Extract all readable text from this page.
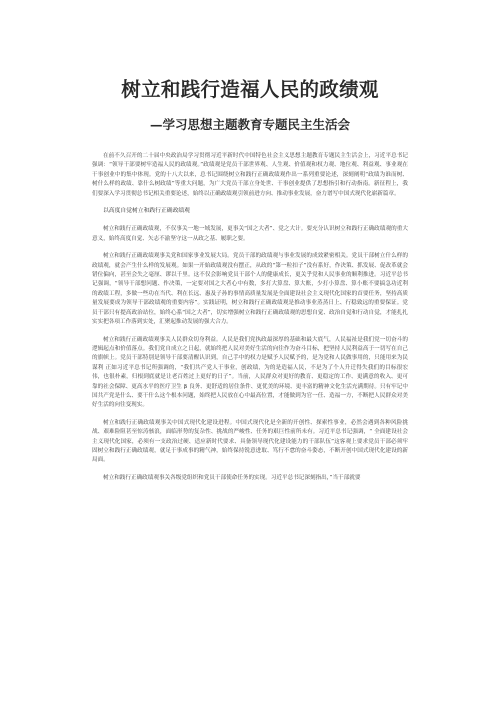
树立和践行造福人民的政绩观
—学习思想主题教育专题民主生活会

在前不久召开的二十届中央政治局学习贯彻习近平新时代中国特色社会主义思想主题教育专题民主生活会上，习近平总书记强调：“领导干部要树牢造福人民的政绩观。”政绩观是党员干部世界观、人生观、价值观和权力观、地位观、利益观、事业观在干事创业中的集中体现。党的十八大以来，总书记围绕树立和践行正确政绩观作出一系列重要论述，深刻阐明“政绩为谁而树、树什么样的政绩、靠什么树政绩”等重大问题，为广大党员干部立身处世、干事创业提供了思想指引和行动指南。新征程上，我们要深入学习贯彻总书记相关重要论述，始终以正确政绩观引领前进方向、推动事业发展，奋力谱写中国式现代化崭新篇章。

以高度自觉树立和践行正确政绩观

树立和践行正确政绩观，不仅事关一地一域发展，更事关“国之大者”、党之大计。要充分认识树立和践行正确政绩观的重大意义，始终高度自觉、矢志不渝坚守这一从政之基、履职之要。

树立和践行正确政绩观事关党和国家事业发展大局。党员干部的政绩观与事业发展的成效紧密相关。党员干部树立什么样的政绩观，就会产生什么样的发展观。如果一开始政绩观没有摆正，从政的“第一粒扣子”没有系好，作决策、抓发展、促改革就会错位偏向，甚至会失之毫厘、谬以千里。这不仅会影响党员干部个人的健康成长，更关乎党和人民事业的顺利推进。习近平总书记强调，“领导干部想问题、作决策，一定要对国之大者心中有数，多打大算盘、算大账，少打小算盘、算小账不要搞急功近利的政绩工程，多做一些功在当代、利在长远、惠及子孙的事情高质量发展是全面建设社会主义现代化国家的首要任务，坚持高质量发展要成为领导干部政绩观的重要内容”。实践证明，树立和践行正确政绩观是推动事业蒸蒸日上、行稳致远的重要保证。党员干部只有提高政治站位，始终心系“国之大者”，切实增强树立和践行正确政绩观的思想自觉、政治自觉和行动自觉，才能扎扎实实把各项工作落到实处，汇聚起推动发展的强大合力。

树立和践行正确政绩观事关人民群众切身利益。人民是我们党执政最深厚的基础和最大底气，人民福祉是我们党一切奋斗的逻辑起点和价值落点。我们党自成立之日起，就始终把人民对美好生活的向往作为奋斗目标，把坚持人民利益高于一切写在自己的旗帜上。党员干部特别是领导干部要清醒认识到，自己手中的权力是赋予人民赋予的，是为党和人民做事用的，只能用来为民谋利 正如习近平总书记所强调的，“我们共产党人干事业，创政绩，为的是造福人民，不是为了个人升迁得失我们的目标很宏伟，也很朴素，归根到底就是让老百姓过上更好的日子”。当前，人民群众对更好的教育、更稳定的工作、更满意的收入、更可靠的社会保障、更高水平的医疗卫生 β 良务、更舒适的居住条件、更优美的环境、更丰富的精神文化生活充满期待。只有牢记中国共产党是什么、要干什么这个根本问题，始终把人民放在心中最高位置，才能做到为官一任、造福一方，不断把人民群众对美好生活的向往变现实。

树立和践行正确政绩观事关中国式现代化建设进程。中国式现代化是全新的开创性、探索性事业，必然会遇到各种风险挑战、艰难险阻甚至惊涛骇浪，面临形势的复杂性、挑战的严峻性、任务的艰巨性前所未有。习近平总书记强调，“ 全面建设社会主义现代化国家，必须有一支政治过硬、适应新时代要求、具备领导现代化建设能力的干部队伍”这客观上要求党员干部必须牢固树立和践行正确政绩观，就足于事成事的精气神，始终保持锐意进取、笃行不怠的奋斗姿态，不断开创中国式现代化建设的新局面。

树立和践行正确政绩观事关各级党组织和党员干部使命任务的实现。习近平总书记深刻指出，”当干部就要
